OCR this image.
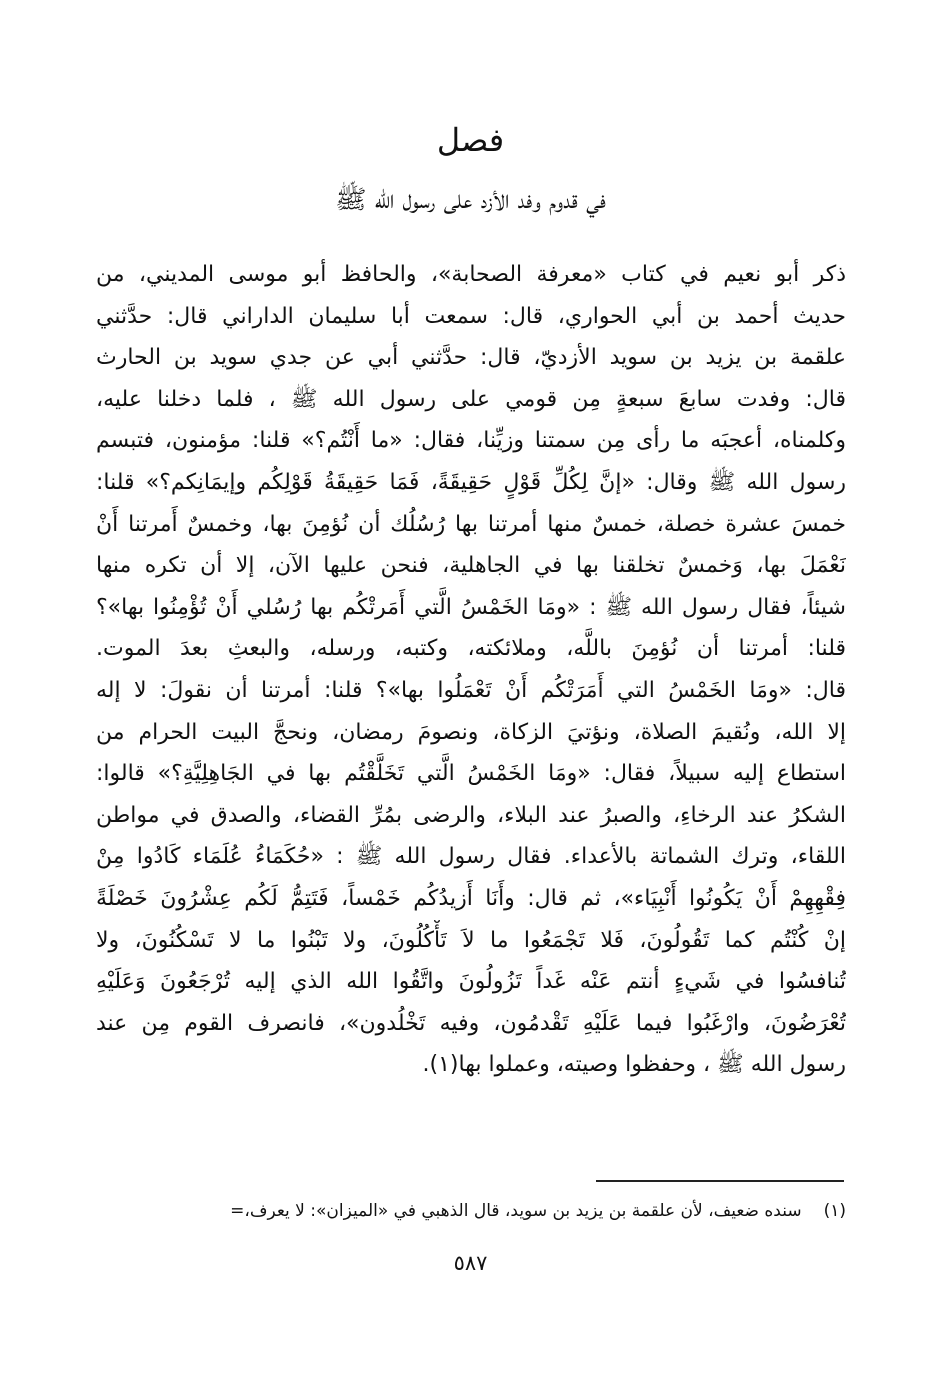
فصل
في قدوم وفد الأزد على رسول الله ﷺ
ذكر أبو نعيم في كتاب «معرفة الصحابة»، والحافظ أبو موسى المديني، من
حديث أحمد بن أبي الحواري، قال: سمعت أبا سليمان الداراني قال: حدَّثني
علقمة بن يزيد بن سويد الأزديّ، قال: حدَّثني أبي عن جدي سويد بن الحارث
قال: وفدت سابعَ سبعةٍ مِن قومي على رسول الله ﷺ ، فلما دخلنا عليه،
وكلمناه، أعجبَه ما رأى مِن سمتنا وزيِّنا، فقال: «ما أَنْتُم؟» قلنا: مؤمنون، فتبسم
رسول الله ﷺ وقال: «إنَّ لِكُلِّ قَوْلٍ حَقِيقَةً، فَمَا حَقِيقَةُ قَوْلِكُم وإيمَانِكم؟» قلنا:
خمسَ عشرة خصلة، خمسٌ منها أمرتنا بها رُسُلُك أن نُؤمِنَ بها، وخمسٌ أَمرتنا أَنْ
نَعْمَلَ بها، وَخمسٌ تخلقنا بها في الجاهلية، فنحن عليها الآن، إلا أن تكره منها
شيئاً، فقال رسول الله ﷺ : «ومَا الخَمْسُ الَّتي أَمَرتْكُم بها رُسُلي أَنْ تُؤْمِنُوا بها»؟
قلنا: أمرتنا أن نُؤمِنَ باللَّه، وملائكته، وكتبه، ورسله، والبعثِ بعدَ الموت.
قال: «ومَا الخَمْسُ التي أَمَرَتْكُم أَنْ تَعْمَلُوا بها»؟ قلنا: أمرتنا أن نقولَ: لا إله
إلا الله، ونُقيمَ الصلاة، ونؤتيَ الزكاة، ونصومَ رمضان، ونحجَّ البيت الحرام من
استطاع إليه سبيلاً، فقال: «ومَا الخَمْسُ الَّتي تَخَلَّقْتُم بها في الجَاهِلِيَّةِ؟» قالوا:
الشكرُ عند الرخاءِ، والصبرُ عند البلاء، والرضى بمُرِّ القضاء، والصدق في مواطن
اللقاء، وترك الشماتة بالأعداء. فقال رسول الله ﷺ : «حُكَمَاءُ عُلَمَاء كَادُوا مِنْ
فِقْهِهِمْ أَنْ يَكُونُوا أَنْبِيَاء»، ثم قال: وأَنَا أَزيدُكُم خَمْساً، فَتَتِمُّ لَكُم عِشْرُونَ خَصْلَةً
إنْ كُنْتُم كما تَقُولُونَ، فَلا تَجْمَعُوا ما لاَ تَأْكُلُونَ، ولا تَبْنُوا ما لا تَسْكُنُونَ، ولا
تُنافسُوا في شَيءٍ أنتم عَنْه غَداً تَزُولُونَ واتَّقُوا الله الذي إليه تُرْجَعُونَ وَعَلَيْهِ
تُعْرَضُونَ، وارْغَبُوا فيما عَلَيْهِ تَقْدمُون، وفيه تَخْلُدون»، فانصرف القوم مِن عند
رسول الله ﷺ ، وحفظوا وصيته، وعملوا بها(١).
(١)سنده ضعيف، لأن علقمة بن يزيد بن سويد، قال الذهبي في «الميزان»: لا يعرف،=
٥٨٧
